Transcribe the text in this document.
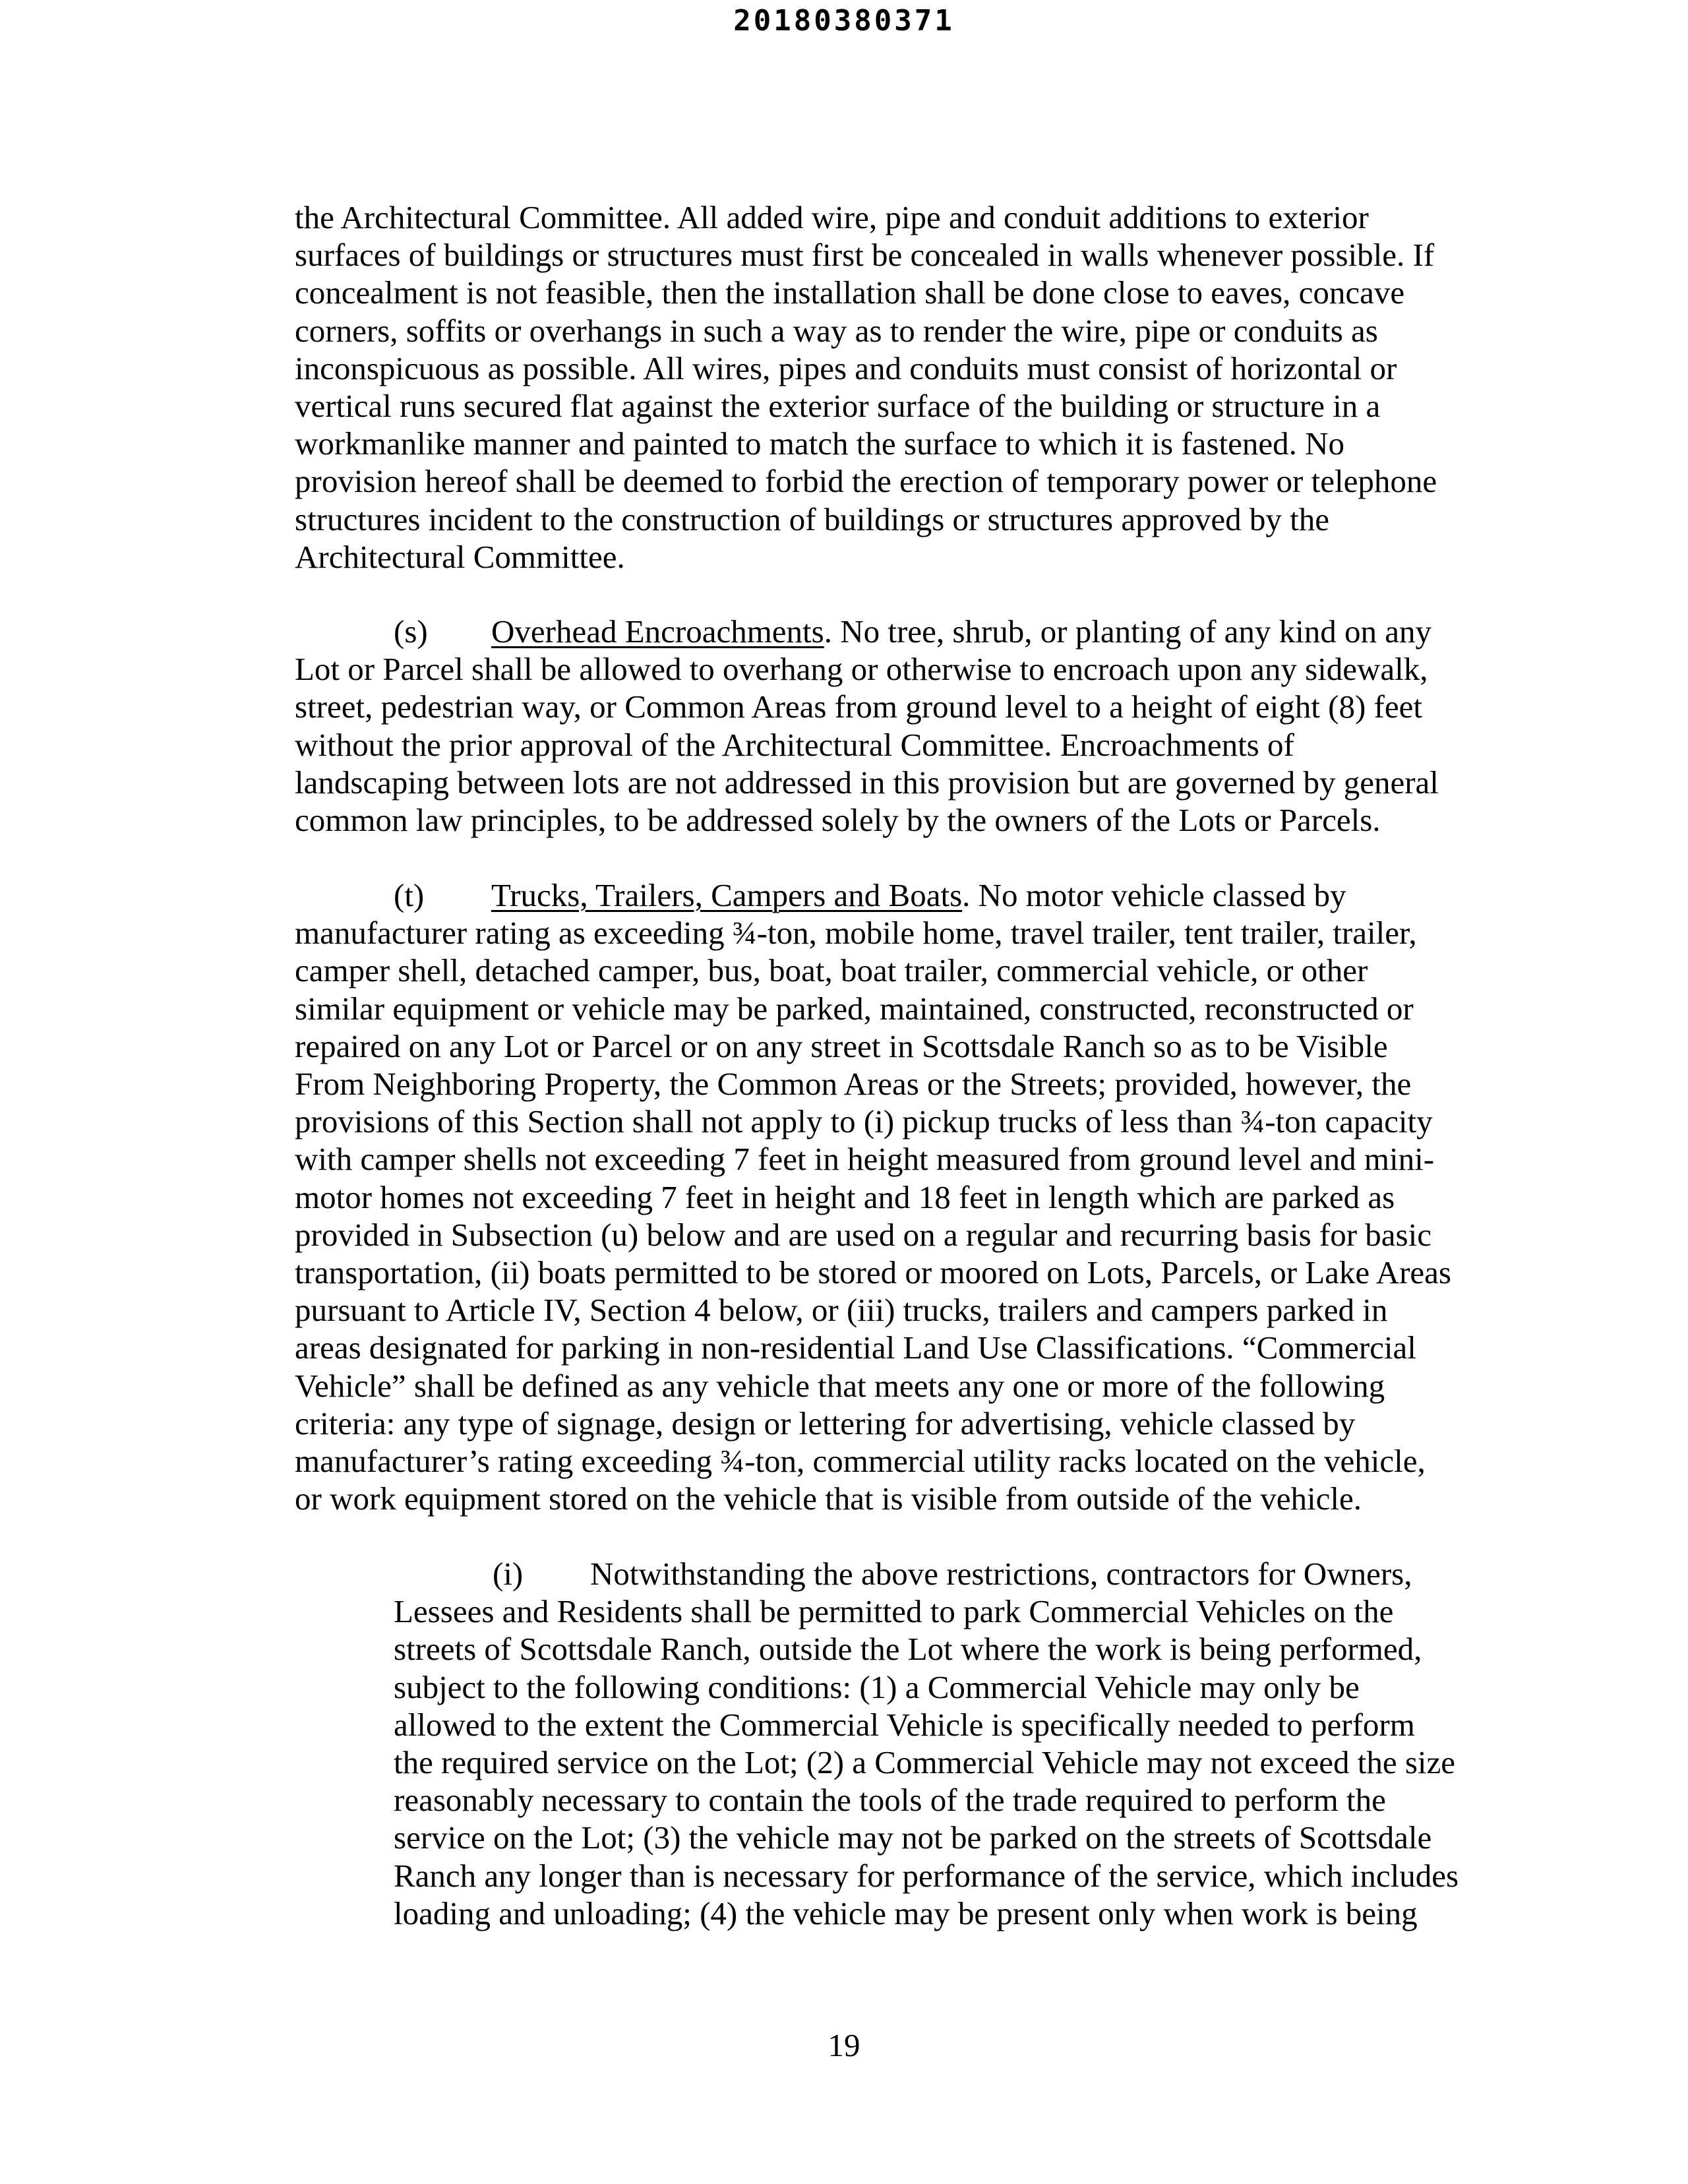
20180380371
the Architectural Committee. All added wire, pipe and conduit additions to exterior
surfaces of buildings or structures must first be concealed in walls whenever possible. If
concealment is not feasible, then the installation shall be done close to eaves, concave
corners, soffits or overhangs in such a way as to render the wire, pipe or conduits as
inconspicuous as possible. All wires, pipes and conduits must consist of horizontal or
vertical runs secured flat against the exterior surface of the building or structure in a
workmanlike manner and painted to match the surface to which it is fastened. No
provision hereof shall be deemed to forbid the erection of temporary power or telephone
structures incident to the construction of buildings or structures approved by the
Architectural Committee.
(s) Overhead Encroachments. No tree, shrub, or planting of any kind on any
Lot or Parcel shall be allowed to overhang or otherwise to encroach upon any sidewalk,
street, pedestrian way, or Common Areas from ground level to a height of eight (8) feet
without the prior approval of the Architectural Committee. Encroachments of
landscaping between lots are not addressed in this provision but are governed by general
common law principles, to be addressed solely by the owners of the Lots or Parcels.
(t) Trucks, Trailers, Campers and Boats. No motor vehicle classed by
manufacturer rating as exceeding ¾-ton, mobile home, travel trailer, tent trailer, trailer,
camper shell, detached camper, bus, boat, boat trailer, commercial vehicle, or other
similar equipment or vehicle may be parked, maintained, constructed, reconstructed or
repaired on any Lot or Parcel or on any street in Scottsdale Ranch so as to be Visible
From Neighboring Property, the Common Areas or the Streets; provided, however, the
provisions of this Section shall not apply to (i) pickup trucks of less than ¾-ton capacity
with camper shells not exceeding 7 feet in height measured from ground level and mini-
motor homes not exceeding 7 feet in height and 18 feet in length which are parked as
provided in Subsection (u) below and are used on a regular and recurring basis for basic
transportation, (ii) boats permitted to be stored or moored on Lots, Parcels, or Lake Areas
pursuant to Article IV, Section 4 below, or (iii) trucks, trailers and campers parked in
areas designated for parking in non-residential Land Use Classifications. “Commercial
Vehicle” shall be defined as any vehicle that meets any one or more of the following
criteria: any type of signage, design or lettering for advertising, vehicle classed by
manufacturer’s rating exceeding ¾-ton, commercial utility racks located on the vehicle,
or work equipment stored on the vehicle that is visible from outside of the vehicle.
(i) Notwithstanding the above restrictions, contractors for Owners,
Lessees and Residents shall be permitted to park Commercial Vehicles on the
streets of Scottsdale Ranch, outside the Lot where the work is being performed,
subject to the following conditions: (1) a Commercial Vehicle may only be
allowed to the extent the Commercial Vehicle is specifically needed to perform
the required service on the Lot; (2) a Commercial Vehicle may not exceed the size
reasonably necessary to contain the tools of the trade required to perform the
service on the Lot; (3) the vehicle may not be parked on the streets of Scottsdale
Ranch any longer than is necessary for performance of the service, which includes
loading and unloading; (4) the vehicle may be present only when work is being
19
